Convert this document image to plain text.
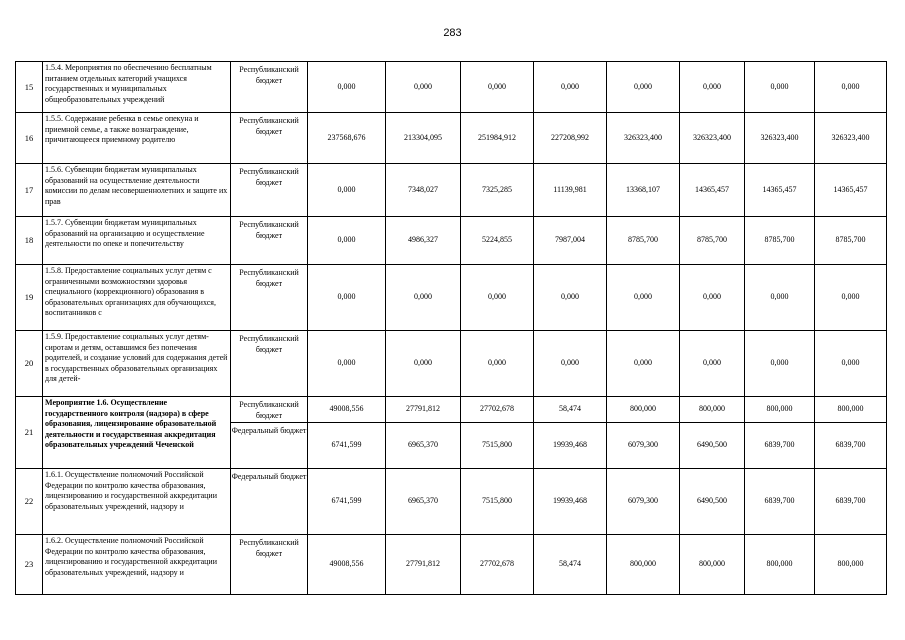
283
15	1.5.4. Мероприятия по обеспечению бесплатным питанием отдельных категорий учащихся государственных и муниципальных общеобразовательных учреждений	Республиканский бюджет	0,000	0,000	0,000	0,000	0,000	0,000	0,000	0,000
16	1.5.5. Содержание ребенка в семье опекуна и приемной семье, а также вознаграждение, причитающееся приемному родителю	Республиканский бюджет	237568,676	213304,095	251984,912	227208,992	326323,400	326323,400	326323,400	326323,400
17	1.5.6. Субвенции бюджетам муниципальных образований на осуществление деятельности комиссии по делам несовершеннолетних и защите их прав	Республиканский бюджет	0,000	7348,027	7325,285	11139,981	13368,107	14365,457	14365,457	14365,457
18	1.5.7. Субвенции бюджетам муниципальных образований на организацию и осуществление деятельности по опеке и попечительству	Республиканский бюджет	0,000	4986,327	5224,855	7987,004	8785,700	8785,700	8785,700	8785,700
19	1.5.8. Предоставление социальных услуг детям с ограниченными возможностями здоровья специального (коррекционного) образования в образовательных организациях для обучающихся, воспитанников с	Республиканский бюджет	0,000	0,000	0,000	0,000	0,000	0,000	0,000	0,000
20	1.5.9. Предоставление социальных услуг детям-сиротам и детям, оставшимся без попечения родителей, и создание условий для содержания детей в государственных образовательных организациях для детей-	Республиканский бюджет	0,000	0,000	0,000	0,000	0,000	0,000	0,000	0,000
21	Мероприятие 1.6. Осуществление государственного контроля (надзора) в сфере образования, лицензирование образовательной деятельности и государственная аккредитация образовательных учреждений Чеченской	Республиканский бюджет	49008,556	27791,812	27702,678	58,474	800,000	800,000	800,000	800,000
		Федеральный бюджет	6741,599	6965,370	7515,800	19939,468	6079,300	6490,500	6839,700	6839,700
22	1.6.1. Осуществление полномочий Российской Федерации по контролю качества образования, лицензированию и государственной аккредитации образовательных учреждений, надзору и	Федеральный бюджет	6741,599	6965,370	7515,800	19939,468	6079,300	6490,500	6839,700	6839,700
23	1.6.2. Осуществление полномочий Российской Федерации по контролю качества образования, лицензированию и государственной аккредитации образовательных учреждений, надзору и	Республиканский бюджет	49008,556	27791,812	27702,678	58,474	800,000	800,000	800,000	800,000
